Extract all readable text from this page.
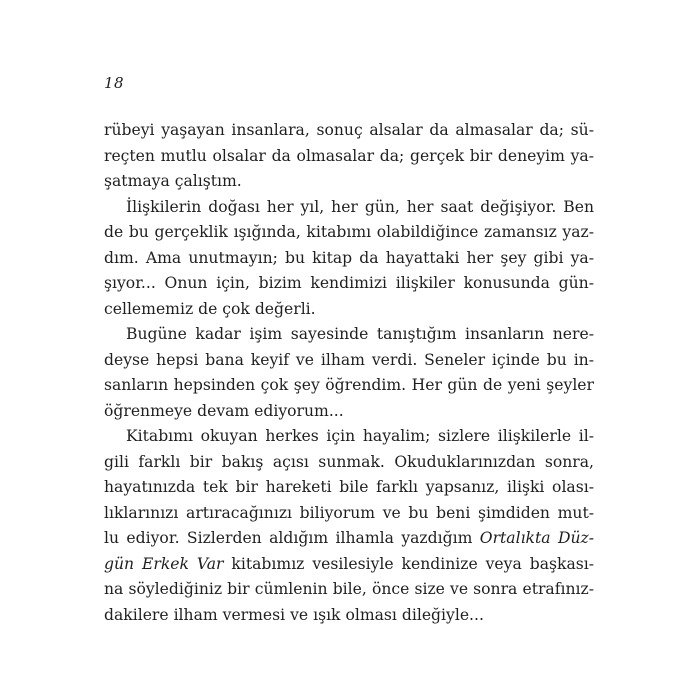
18
rübeyi yaşayan insanlara, sonuç alsalar da almasalar da; sü-
reçten mutlu olsalar da olmasalar da; gerçek bir deneyim ya-
şatmaya çalıştım.
İlişkilerin doğası her yıl, her gün, her saat değişiyor. Ben
de bu gerçeklik ışığında, kitabımı olabildiğince zamansız yaz-
dım. Ama unutmayın; bu kitap da hayattaki her şey gibi ya-
şıyor... Onun için, bizim kendimizi ilişkiler konusunda gün-
cellememiz de çok değerli.
Bugüne kadar işim sayesinde tanıştığım insanların nere-
deyse hepsi bana keyif ve ilham verdi. Seneler içinde bu in-
sanların hepsinden çok şey öğrendim. Her gün de yeni şeyler
öğrenmeye devam ediyorum...
Kitabımı okuyan herkes için hayalim; sizlere ilişkilerle il-
gili farklı bir bakış açısı sunmak. Okuduklarınızdan sonra,
hayatınızda tek bir hareketi bile farklı yapsanız, ilişki olası-
lıklarınızı artıracağınızı biliyorum ve bu beni şimdiden mut-
lu ediyor. Sizlerden aldığım ilhamla yazdığım Ortalıkta Düz-
gün Erkek Var kitabımız vesilesiyle kendinize veya başkası-
na söylediğiniz bir cümlenin bile, önce size ve sonra etrafınız-
dakilere ilham vermesi ve ışık olması dileğiyle...
